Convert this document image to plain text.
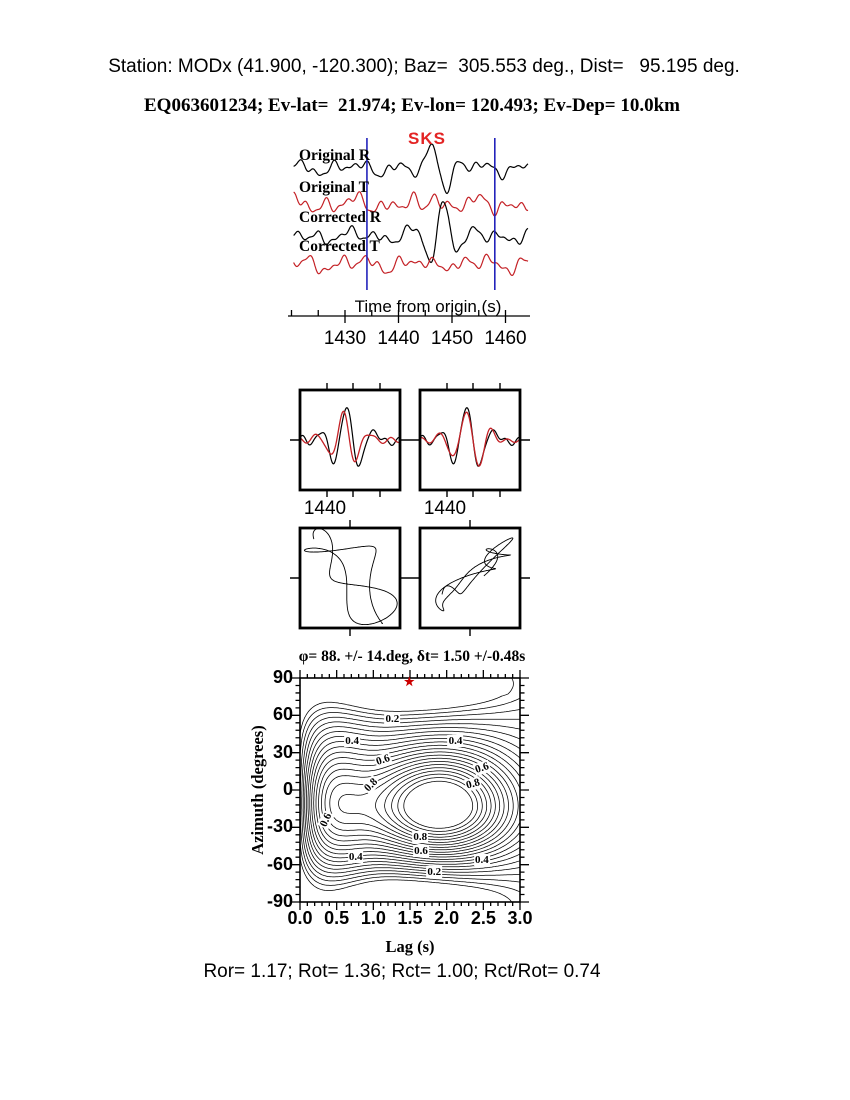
Station: MODx (41.900, -120.300); Baz=  305.553 deg., Dist=   95.195 deg.
EQ063601234; Ev-lat=  21.974; Ev-lon= 120.493; Ev-Dep= 10.0km
SKS
Original R
Original T
Corrected R
Corrected T
Time from origin (s)
φ= 88. +/- 14.deg, δt= 1.50 +/-0.48s
Azimuth (degrees)
Lag (s)
Ror= 1.17; Rot= 1.36; Rct= 1.00; Rct/Rot= 0.74
1430 1440 1450 1460
1440	1440
0.0 0.5 1.0 1.5 2.0 2.5 3.0
90
60
30
0
-30
-60
-90
0.2
0.4	0.4
0.6	0.6
0.8	0.8
0.6
0.8
0.6
0.4	0.4
0.2
